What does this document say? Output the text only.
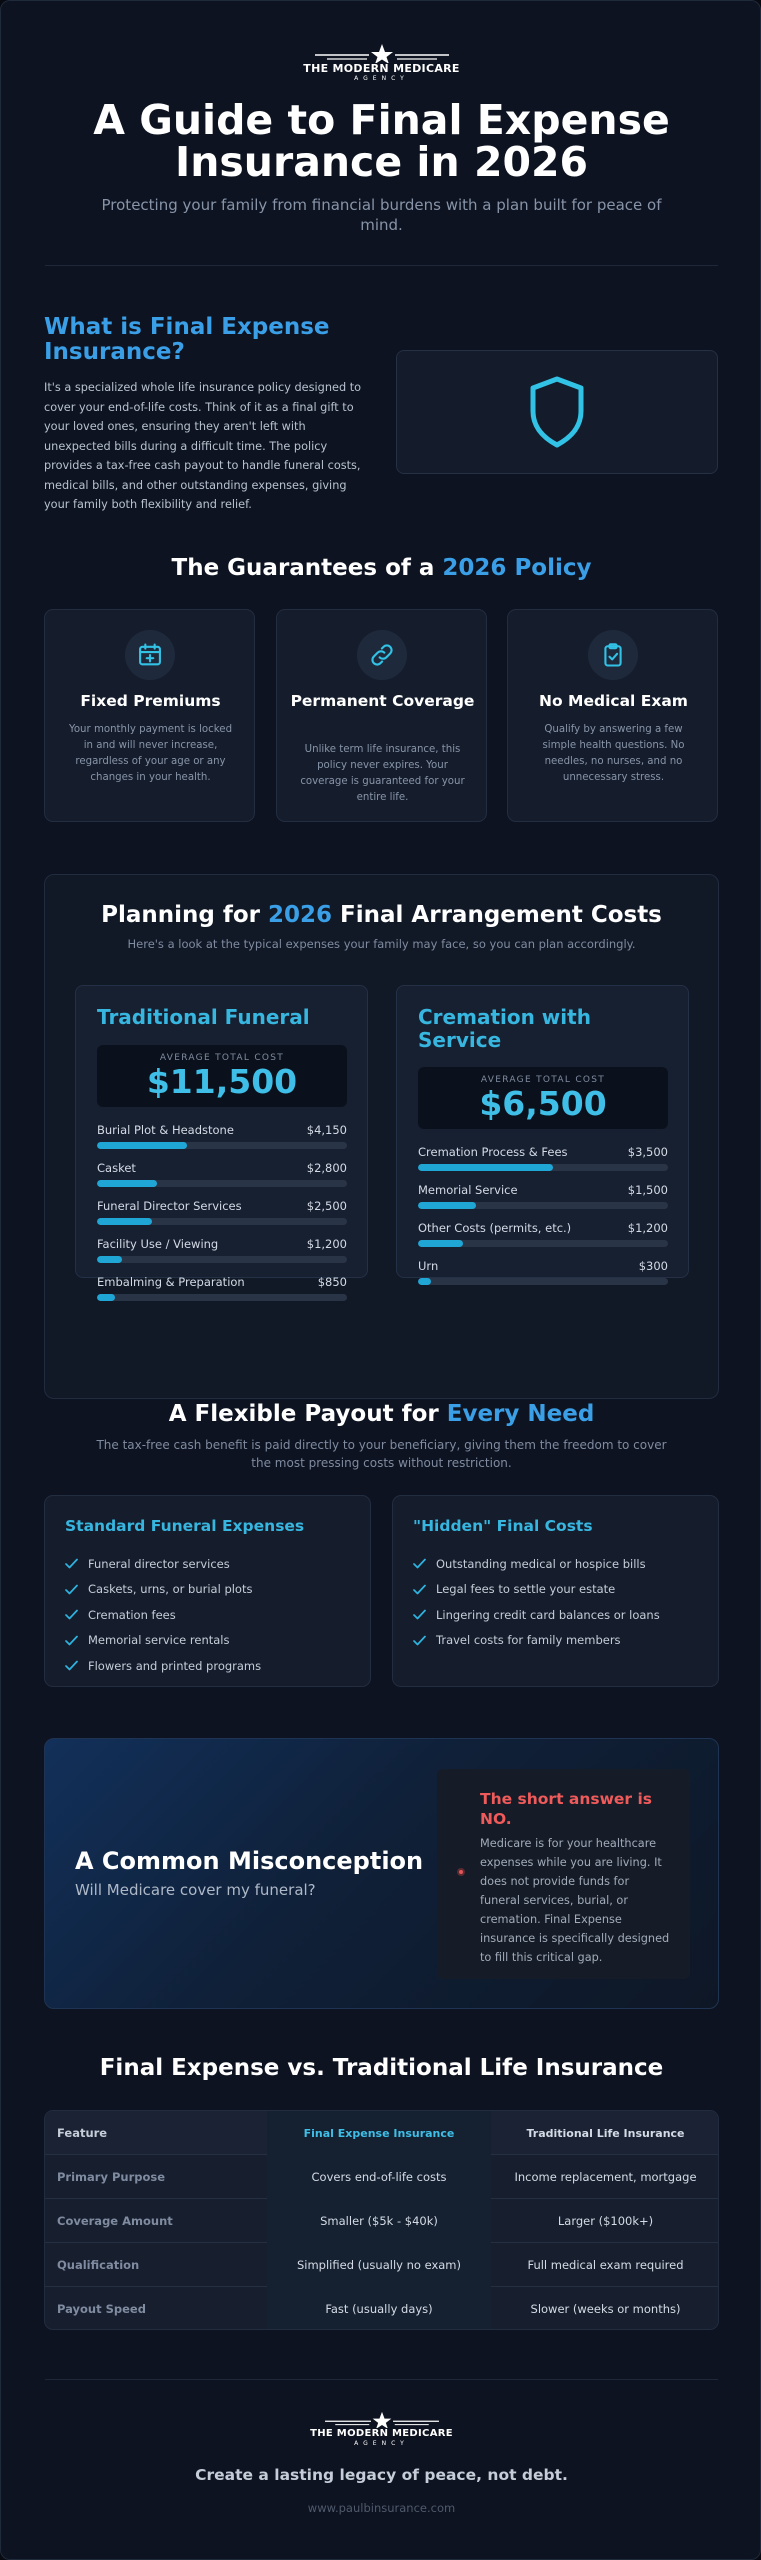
THE MODERN MEDICARE
AGENCY
A Guide to Final Expense Insurance in 2026
Protecting your family from financial burdens with a plan built for peace of mind.
What is Final Expense Insurance?
It's a specialized whole life insurance policy designed to cover your end-of-life costs. Think of it as a final gift to your loved ones, ensuring they aren't left with unexpected bills during a difficult time. The policy provides a tax-free cash payout to handle funeral costs, medical bills, and other outstanding expenses, giving your family both flexibility and relief.
The Guarantees of a 2026 Policy
Fixed Premiums
Your monthly payment is locked in and will never increase, regardless of your age or any changes in your health.
Permanent Coverage
Unlike term life insurance, this policy never expires. Your coverage is guaranteed for your entire life.
No Medical Exam
Qualify by answering a few simple health questions. No needles, no nurses, and no unnecessary stress.
Planning for 2026 Final Arrangement Costs
Here's a look at the typical expenses your family may face, so you can plan accordingly.
Traditional Funeral
AVERAGE TOTAL COST
$11,500
Burial Plot & Headstone	$4,150
Casket	$2,800
Funeral Director Services	$2,500
Facility Use / Viewing	$1,200
Embalming & Preparation	$850
Cremation with Service
AVERAGE TOTAL COST
$6,500
Cremation Process & Fees	$3,500
Memorial Service	$1,500
Other Costs (permits, etc.)	$1,200
Urn	$300
A Flexible Payout for Every Need
The tax-free cash benefit is paid directly to your beneficiary, giving them the freedom to cover the most pressing costs without restriction.
Standard Funeral Expenses
Funeral director services
Caskets, urns, or burial plots
Cremation fees
Memorial service rentals
Flowers and printed programs
"Hidden" Final Costs
Outstanding medical or hospice bills
Legal fees to settle your estate
Lingering credit card balances or loans
Travel costs for family members
A Common Misconception
Will Medicare cover my funeral?
The short answer is NO.
Medicare is for your healthcare expenses while you are living. It does not provide funds for funeral services, burial, or cremation. Final Expense insurance is specifically designed to fill this critical gap.
Final Expense vs. Traditional Life Insurance
Feature	Final Expense Insurance	Traditional Life Insurance
Primary Purpose	Covers end-of-life costs	Income replacement, mortgage
Coverage Amount	Smaller ($5k - $40k)	Larger ($100k+)
Qualification	Simplified (usually no exam)	Full medical exam required
Payout Speed	Fast (usually days)	Slower (weeks or months)
THE MODERN MEDICARE
AGENCY
Create a lasting legacy of peace, not debt.
www.paulbinsurance.com
